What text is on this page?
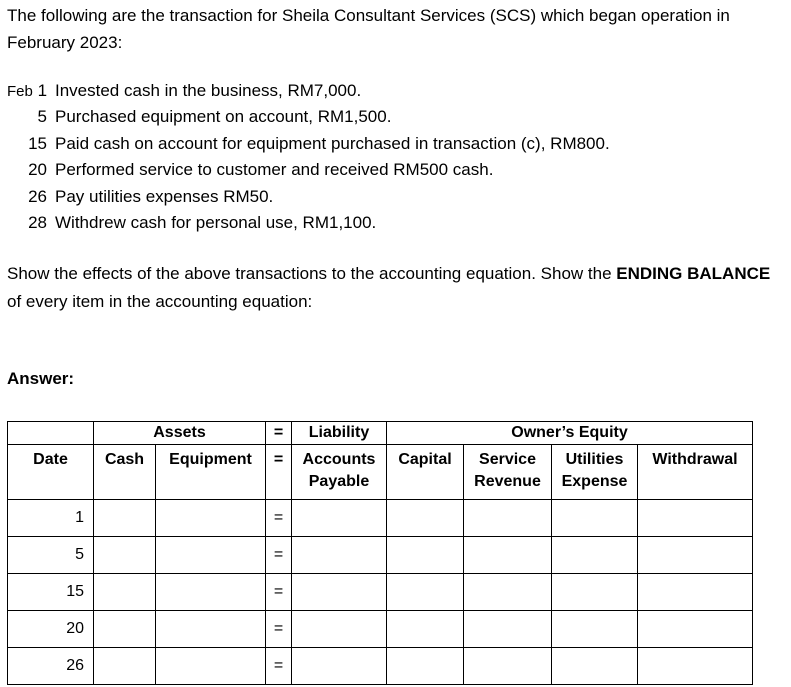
The following are the transaction for Sheila Consultant Services (SCS) which began operation in February 2023:

Feb 1 Invested cash in the business, RM7,000.
5 Purchased equipment on account, RM1,500.
15 Paid cash on account for equipment purchased in transaction (c), RM800.
20 Performed service to customer and received RM500 cash.
26 Pay utilities expenses RM50.
28 Withdrew cash for personal use, RM1,100.

Show the effects of the above transactions to the accounting equation. Show the ENDING BALANCE of every item in the accounting equation:

Answer:

	Assets		=	Liability	Owner’s Equity			
Date	Cash	Equipment	=	Accounts Payable	Capital	Service Revenue	Utilities Expense	Withdrawal
1			=					
5			=					
15			=					
20			=					
26			=					
